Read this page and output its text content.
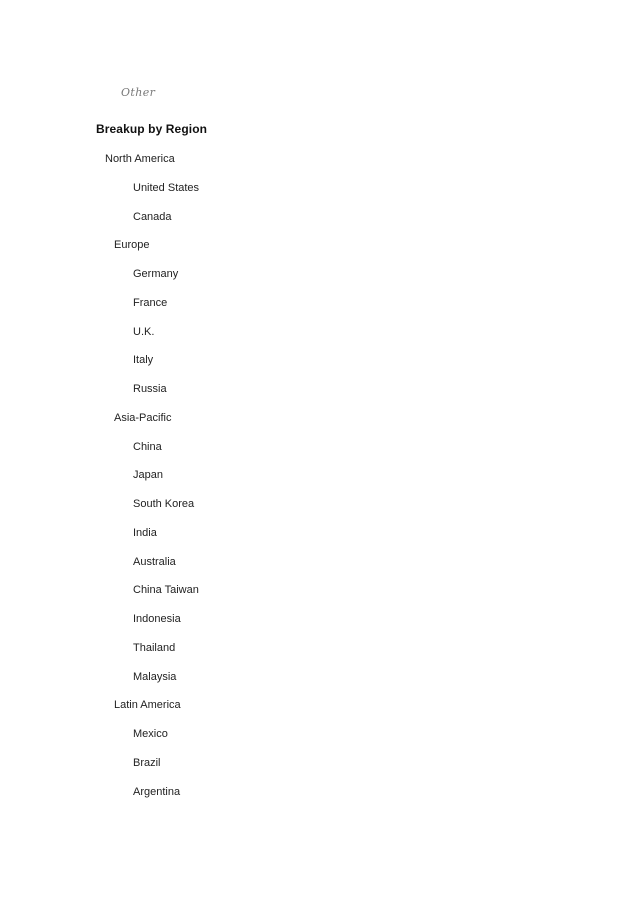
Other
Breakup by Region
North America
United States
Canada
Europe
Germany
France
U.K.
Italy
Russia
Asia-Pacific
China
Japan
South Korea
India
Australia
China Taiwan
Indonesia
Thailand
Malaysia
Latin America
Mexico
Brazil
Argentina
